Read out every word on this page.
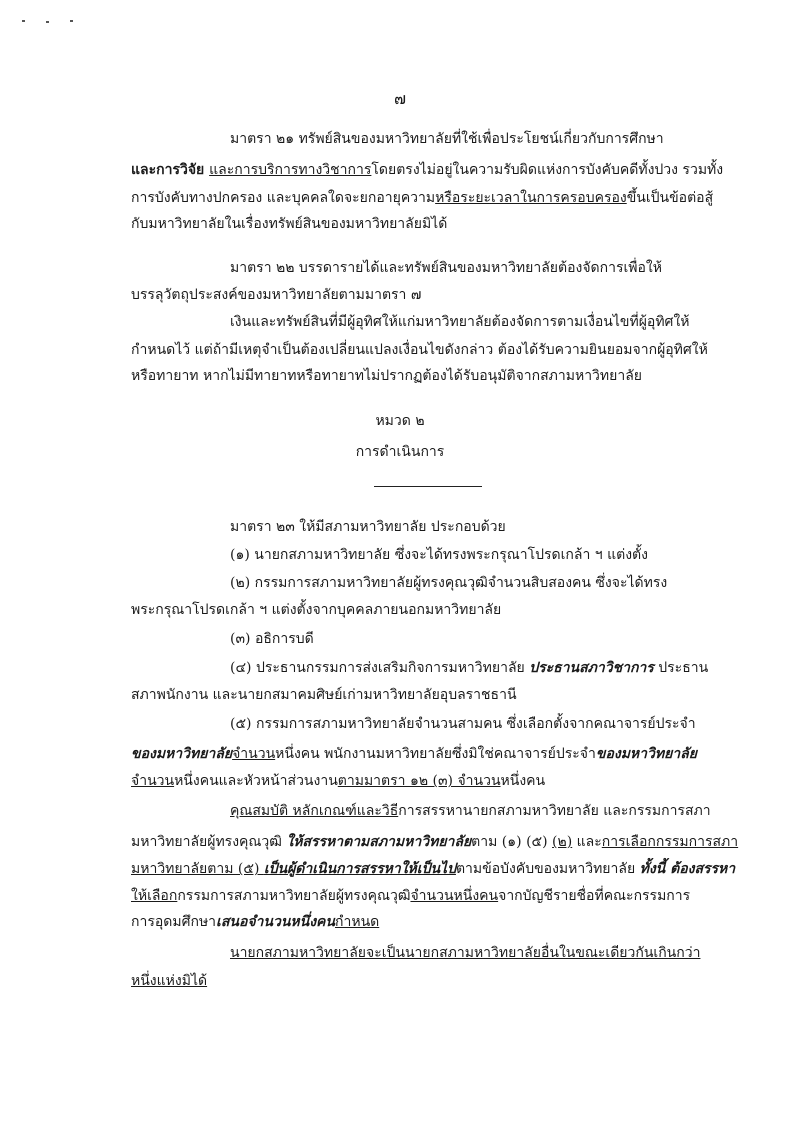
๗
มาตรา ๒๑ ทรัพย์สินของมหาวิทยาลัยที่ใช้เพื่อประโยชน์เกี่ยวกับการศึกษา
และการวิจัย และการบริการทางวิชาการโดยตรงไม่อยู่ในความรับผิดแห่งการบังคับคดีทั้งปวง รวมทั้ง
การบังคับทางปกครอง และบุคคลใดจะยกอายุความหรือระยะเวลาในการครอบครองขึ้นเป็นข้อต่อสู้
กับมหาวิทยาลัยในเรื่องทรัพย์สินของมหาวิทยาลัยมิได้
มาตรา ๒๒ บรรดารายได้และทรัพย์สินของมหาวิทยาลัยต้องจัดการเพื่อให้
บรรลุวัตถุประสงค์ของมหาวิทยาลัยตามมาตรา ๗
เงินและทรัพย์สินที่มีผู้อุทิศให้แก่มหาวิทยาลัยต้องจัดการตามเงื่อนไขที่ผู้อุทิศให้
กำหนดไว้ แต่ถ้ามีเหตุจำเป็นต้องเปลี่ยนแปลงเงื่อนไขดังกล่าว ต้องได้รับความยินยอมจากผู้อุทิศให้
หรือทายาท หากไม่มีทายาทหรือทายาทไม่ปรากฏต้องได้รับอนุมัติจากสภามหาวิทยาลัย
หมวด ๒
การดำเนินการ
มาตรา ๒๓ ให้มีสภามหาวิทยาลัย ประกอบด้วย
(๑) นายกสภามหาวิทยาลัย ซึ่งจะได้ทรงพระกรุณาโปรดเกล้า ฯ แต่งตั้ง
(๒) กรรมการสภามหาวิทยาลัยผู้ทรงคุณวุฒิจำนวนสิบสองคน ซึ่งจะได้ทรง
พระกรุณาโปรดเกล้า ฯ แต่งตั้งจากบุคคลภายนอกมหาวิทยาลัย
(๓) อธิการบดี
(๔) ประธานกรรมการส่งเสริมกิจการมหาวิทยาลัย ประธานสภาวิชาการ ประธาน
สภาพนักงาน และนายกสมาคมศิษย์เก่ามหาวิทยาลัยอุบลราชธานี
(๕) กรรมการสภามหาวิทยาลัยจำนวนสามคน ซึ่งเลือกตั้งจากคณาจารย์ประจำ
ของมหาวิทยาลัยจำนวนหนึ่งคน พนักงานมหาวิทยาลัยซึ่งมิใช่คณาจารย์ประจำของมหาวิทยาลัย
จำนวนหนึ่งคนและหัวหน้าส่วนงานตามมาตรา ๑๒ (๓) จำนวนหนึ่งคน
คุณสมบัติ หลักเกณฑ์และวิธีการสรรหานายกสภามหาวิทยาลัย และกรรมการสภา
มหาวิทยาลัยผู้ทรงคุณวุฒิ ให้สรรหาตามสภามหาวิทยาลัยตาม (๑) (๕) (๒) และการเลือกกรรมการสภา
มหาวิทยาลัยตาม (๕) เป็นผู้ดำเนินการสรรหาให้เป็นไปตามข้อบังคับของมหาวิทยาลัย ทั้งนี้ ต้องสรรหา
ให้เลือกกรรมการสภามหาวิทยาลัยผู้ทรงคุณวุฒิจำนวนหนึ่งคนจากบัญชีรายชื่อที่คณะกรรมการ
การอุดมศึกษาเสนอจำนวนหนึ่งคนกำหนด
นายกสภามหาวิทยาลัยจะเป็นนายกสภามหาวิทยาลัยอื่นในขณะเดียวกันเกินกว่า
หนึ่งแห่งมิได้
